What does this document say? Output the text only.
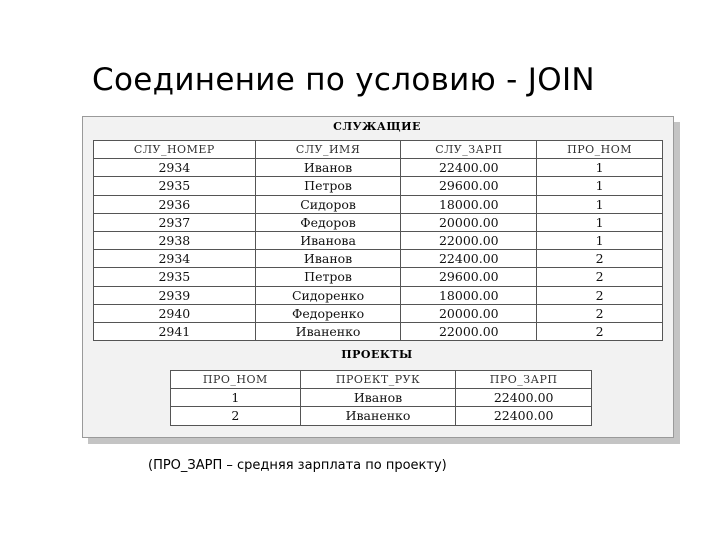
Соединение по условию - JOIN
СЛУЖАЩИЕ
СЛУ_НОМЕР	СЛУ_ИМЯ	СЛУ_ЗАРП	ПРО_НОМ
2934	Иванов	22400.00	1
2935	Петров	29600.00	1
2936	Сидоров	18000.00	1
2937	Федоров	20000.00	1
2938	Иванова	22000.00	1
2934	Иванов	22400.00	2
2935	Петров	29600.00	2
2939	Сидоренко	18000.00	2
2940	Федоренко	20000.00	2
2941	Иваненко	22000.00	2
ПРОЕКТЫ
ПРО_НОМ	ПРОЕКТ_РУК	ПРО_ЗАРП
1	Иванов	22400.00
2	Иваненко	22400.00
(ПРО_ЗАРП – средняя зарплата по проекту)
